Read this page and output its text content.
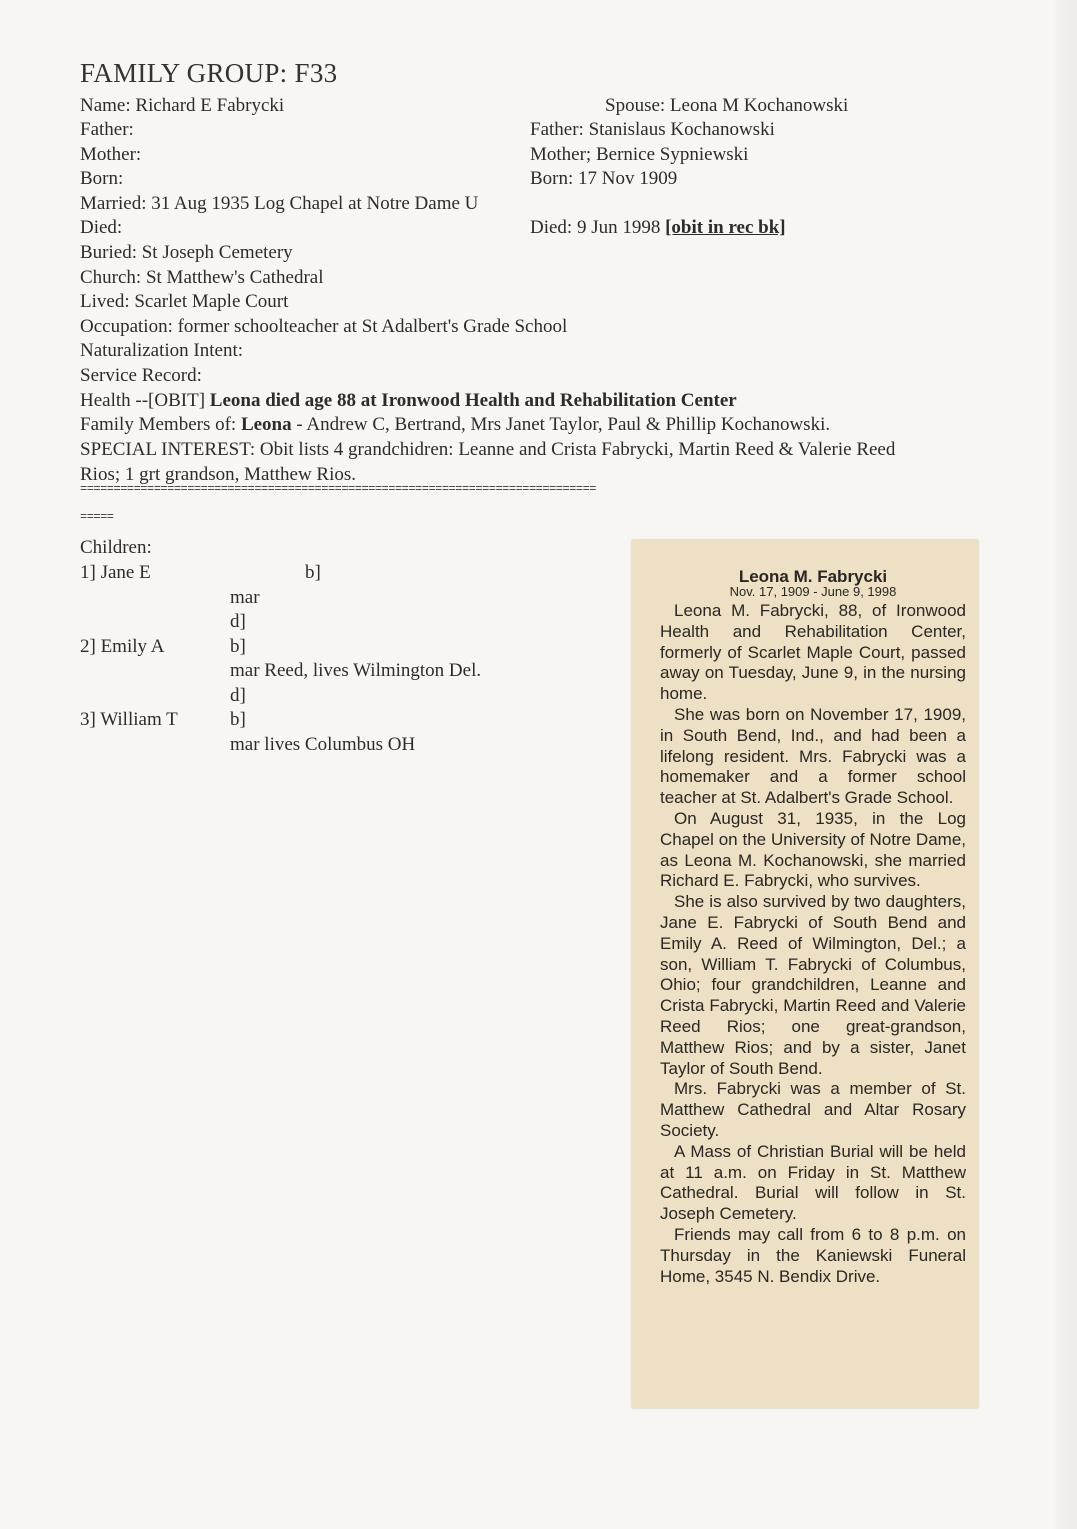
FAMILY GROUP: F33
Name: Richard E Fabrycki
Father:
Mother:
Born:
Married: 31 Aug 1935 Log Chapel at Notre Dame U
Died:
Buried: St Joseph Cemetery
Church: St Matthew's Cathedral
Lived: Scarlet Maple Court
Occupation: former schoolteacher at St Adalbert's Grade School
Naturalization Intent:
Service Record:
Spouse: Leona M Kochanowski
Father: Stanislaus Kochanowski
Mother; Bernice Sypniewski
Born: 17 Nov 1909
Died: 9 Jun 1998 [obit in rec bk]
Health --[OBIT] Leona died age 88 at Ironwood Health and Rehabilitation Center
Family Members of: Leona - Andrew C, Bertrand, Mrs Janet Taylor, Paul & Phillip Kochanowski.
SPECIAL INTEREST: Obit lists 4 grandchidren: Leanne and Crista Fabrycki, Martin Reed & Valerie Reed
Rios; 1 grt grandson, Matthew Rios.
=============================================================================
=====
Children:
1] Jane E	b]
mar
d]
2] Emily A	b]
mar Reed, lives Wilmington Del.
d]
3] William T	b]
mar lives Columbus OH
Leona M. Fabrycki
Nov. 17, 1909 - June 9, 1998

Leona M. Fabrycki, 88, of Ironwood Health and Rehabilitation Center, formerly of Scarlet Maple Court, passed away on Tuesday, June 9, in the nursing home.

She was born on November 17, 1909, in South Bend, Ind., and had been a lifelong resident. Mrs. Fabrycki was a homemaker and a former school teacher at St. Adalbert's Grade School.

On August 31, 1935, in the Log Chapel on the University of Notre Dame, as Leona M. Kochanowski, she married Richard E. Fabrycki, who survives.

She is also survived by two daughters, Jane E. Fabrycki of South Bend and Emily A. Reed of Wilmington, Del.; a son, William T. Fabrycki of Columbus, Ohio; four grandchildren, Leanne and Crista Fabrycki, Martin Reed and Valerie Reed Rios; one great-grandson, Matthew Rios; and by a sister, Janet Taylor of South Bend.

Mrs. Fabrycki was a member of St. Matthew Cathedral and Altar Rosary Society.

A Mass of Christian Burial will be held at 11 a.m. on Friday in St. Matthew Cathedral. Burial will follow in St. Joseph Cemetery.

Friends may call from 6 to 8 p.m. on Thursday in the Kaniewski Funeral Home, 3545 N. Bendix Drive.
